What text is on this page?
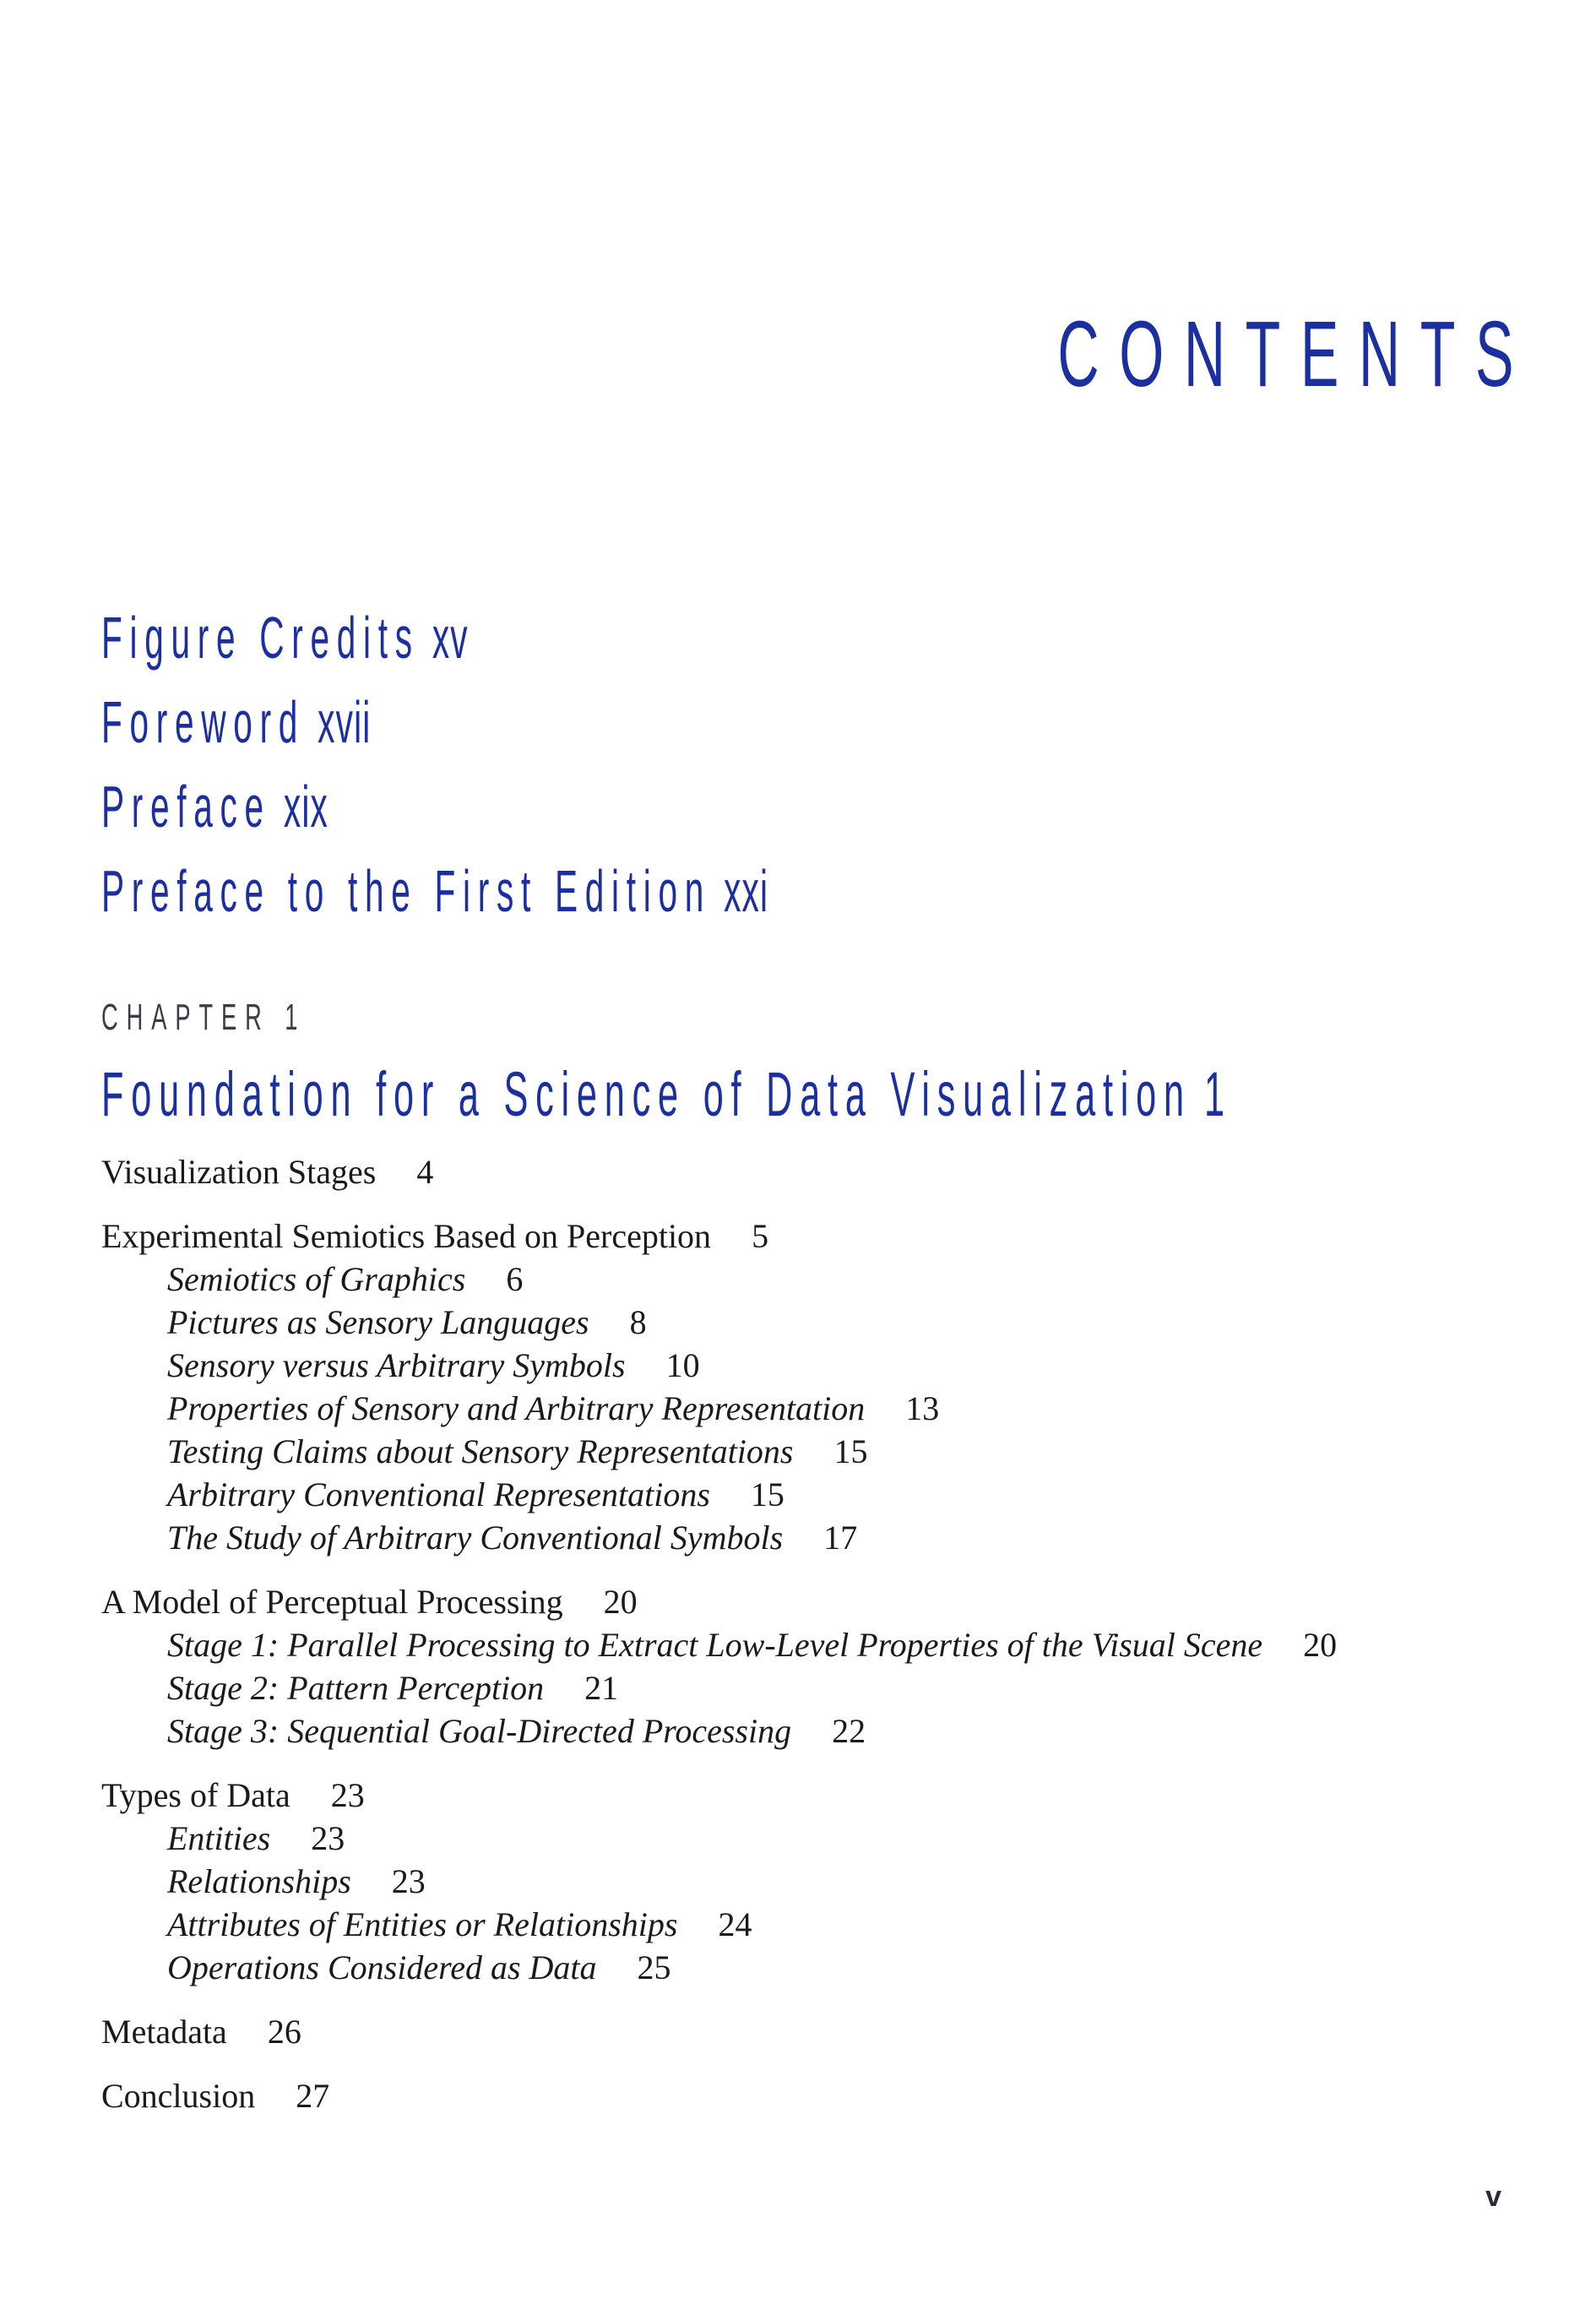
CONTENTS
Figure Credits xv
Foreword xvii
Preface xix
Preface to the First Edition xxi
CHAPTER 1
Foundation for a Science of Data Visualization 1
Visualization Stages 4
Experimental Semiotics Based on Perception 5
Semiotics of Graphics 6
Pictures as Sensory Languages 8
Sensory versus Arbitrary Symbols 10
Properties of Sensory and Arbitrary Representation 13
Testing Claims about Sensory Representations 15
Arbitrary Conventional Representations 15
The Study of Arbitrary Conventional Symbols 17
A Model of Perceptual Processing 20
Stage 1: Parallel Processing to Extract Low-Level Properties of the Visual Scene 20
Stage 2: Pattern Perception 21
Stage 3: Sequential Goal-Directed Processing 22
Types of Data 23
Entities 23
Relationships 23
Attributes of Entities or Relationships 24
Operations Considered as Data 25
Metadata 26
Conclusion 27
v
